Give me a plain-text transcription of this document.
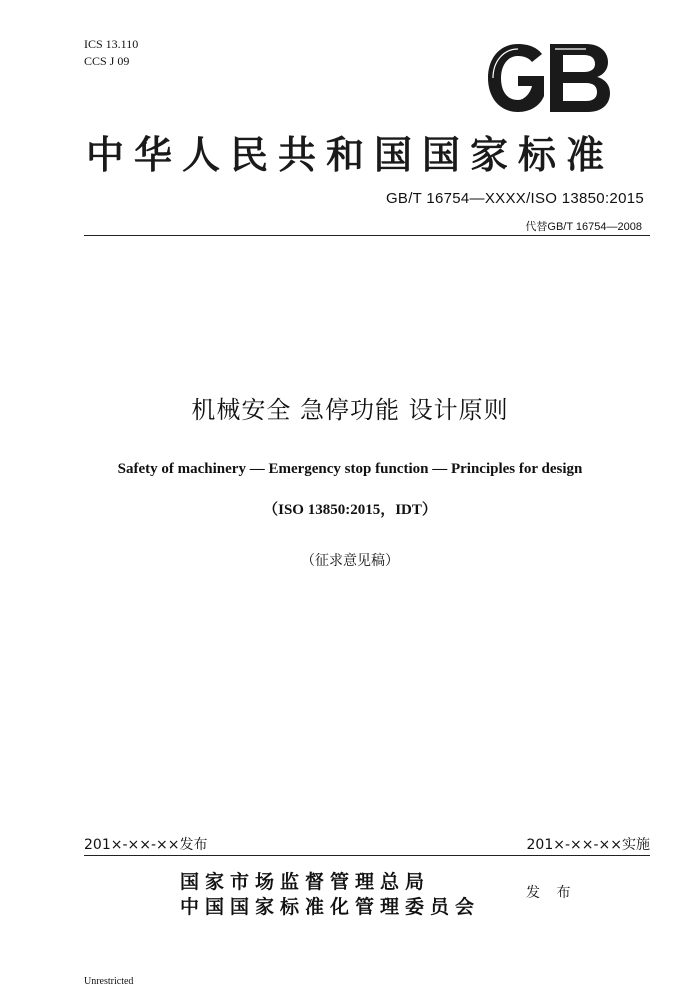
ICS 13.110
CCS J 09
中华人民共和国国家标准
GB/T 16754—XXXX/ISO 13850:2015
代替GB/T 16754—2008
机械安全 急停功能 设计原则
Safety of machinery — Emergency stop function — Principles for design
（ISO 13850:2015，IDT）
（征求意见稿）
201×-××-××发布	201×-××-××实施
国家市场监督管理总局
中国国家标准化管理委员会
发 布
Unrestricted
